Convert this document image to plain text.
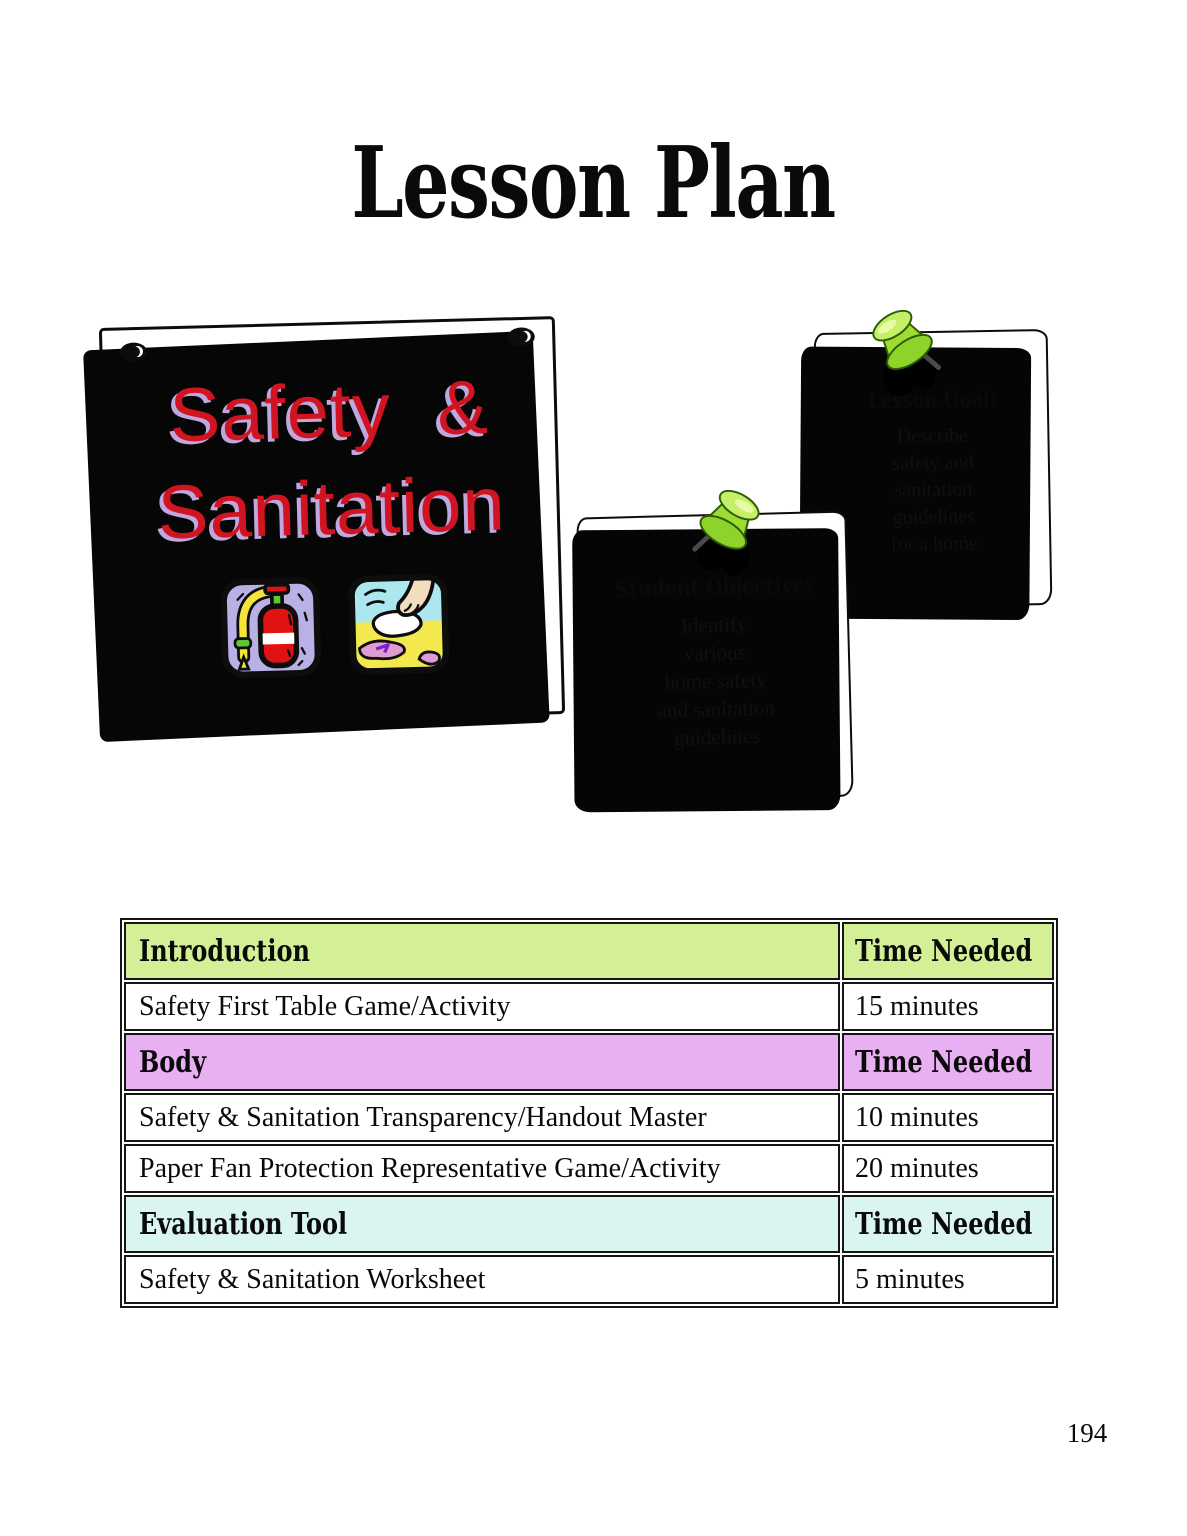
Lesson Plan
Safety &
Sanitation
Lesson Goal:
Describe
safety and
sanitation
guidelines
for a home
Student Objective:
Identify
various
home safety
and sanitation
guidelines
Introduction	Time Needed
Safety First Table Game/Activity	15 minutes
Body	Time Needed
Safety & Sanitation Transparency/Handout Master	10 minutes
Paper Fan Protection Representative Game/Activity	20 minutes
Evaluation Tool	Time Needed
Safety & Sanitation Worksheet	5 minutes
194
